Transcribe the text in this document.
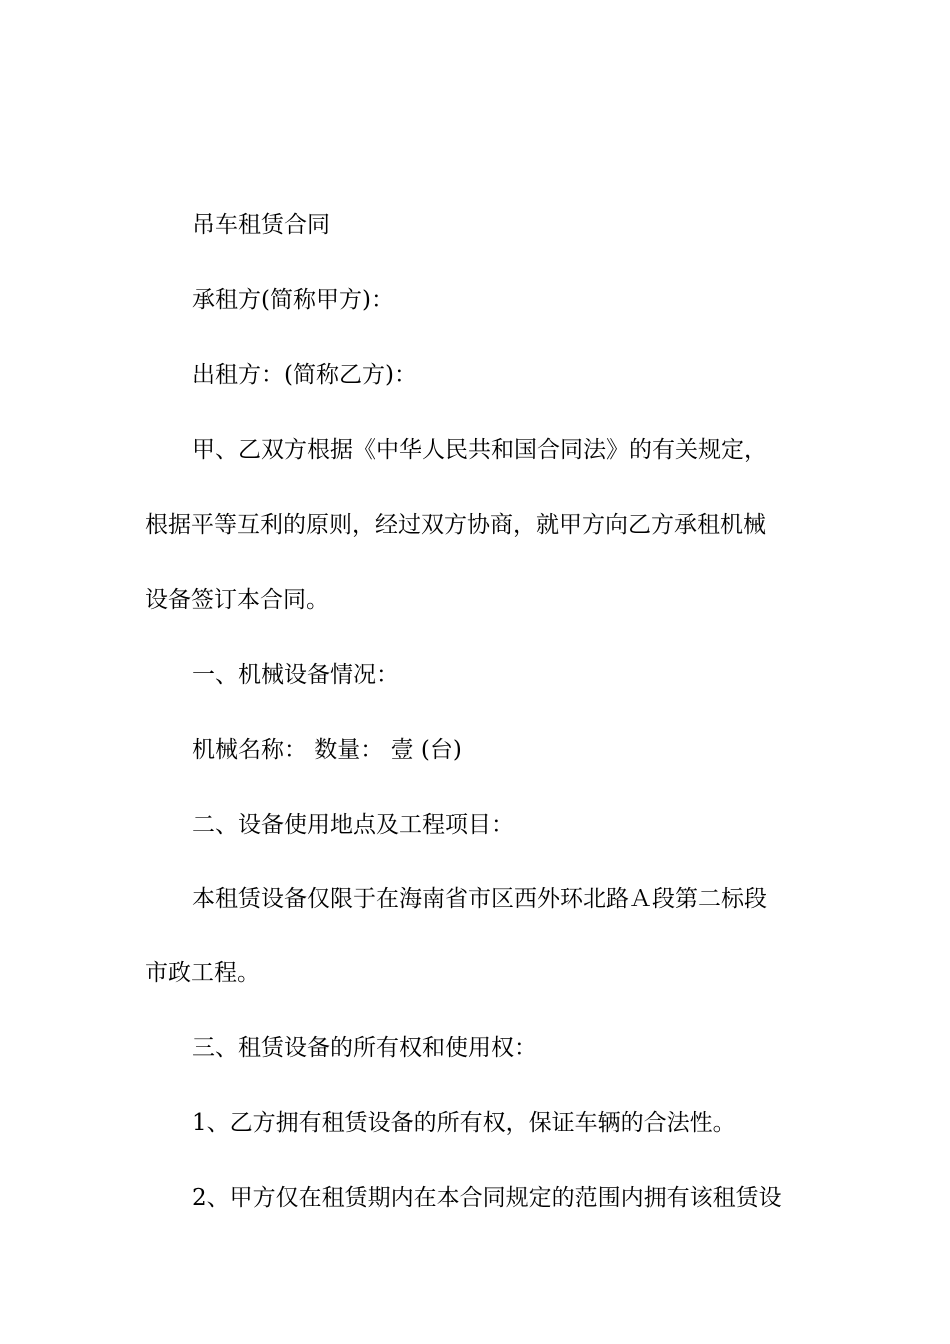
吊车租赁合同
承租方(简称甲方)：
出租方：(简称乙方)：
甲、乙双方根据《中华人民共和国合同法》的有关规定，
根据平等互利的原则，经过双方协商，就甲方向乙方承租机械
设备签订本合同。
一、机械设备情况：
机械名称： 数量： 壹 (台)
二、设备使用地点及工程项目：
本租赁设备仅限于在海南省市区西外环北路Ａ段第二标段
市政工程。
三、租赁设备的所有权和使用权：
1、乙方拥有租赁设备的所有权，保证车辆的合法性。
2、甲方仅在租赁期内在本合同规定的范围内拥有该租赁设
